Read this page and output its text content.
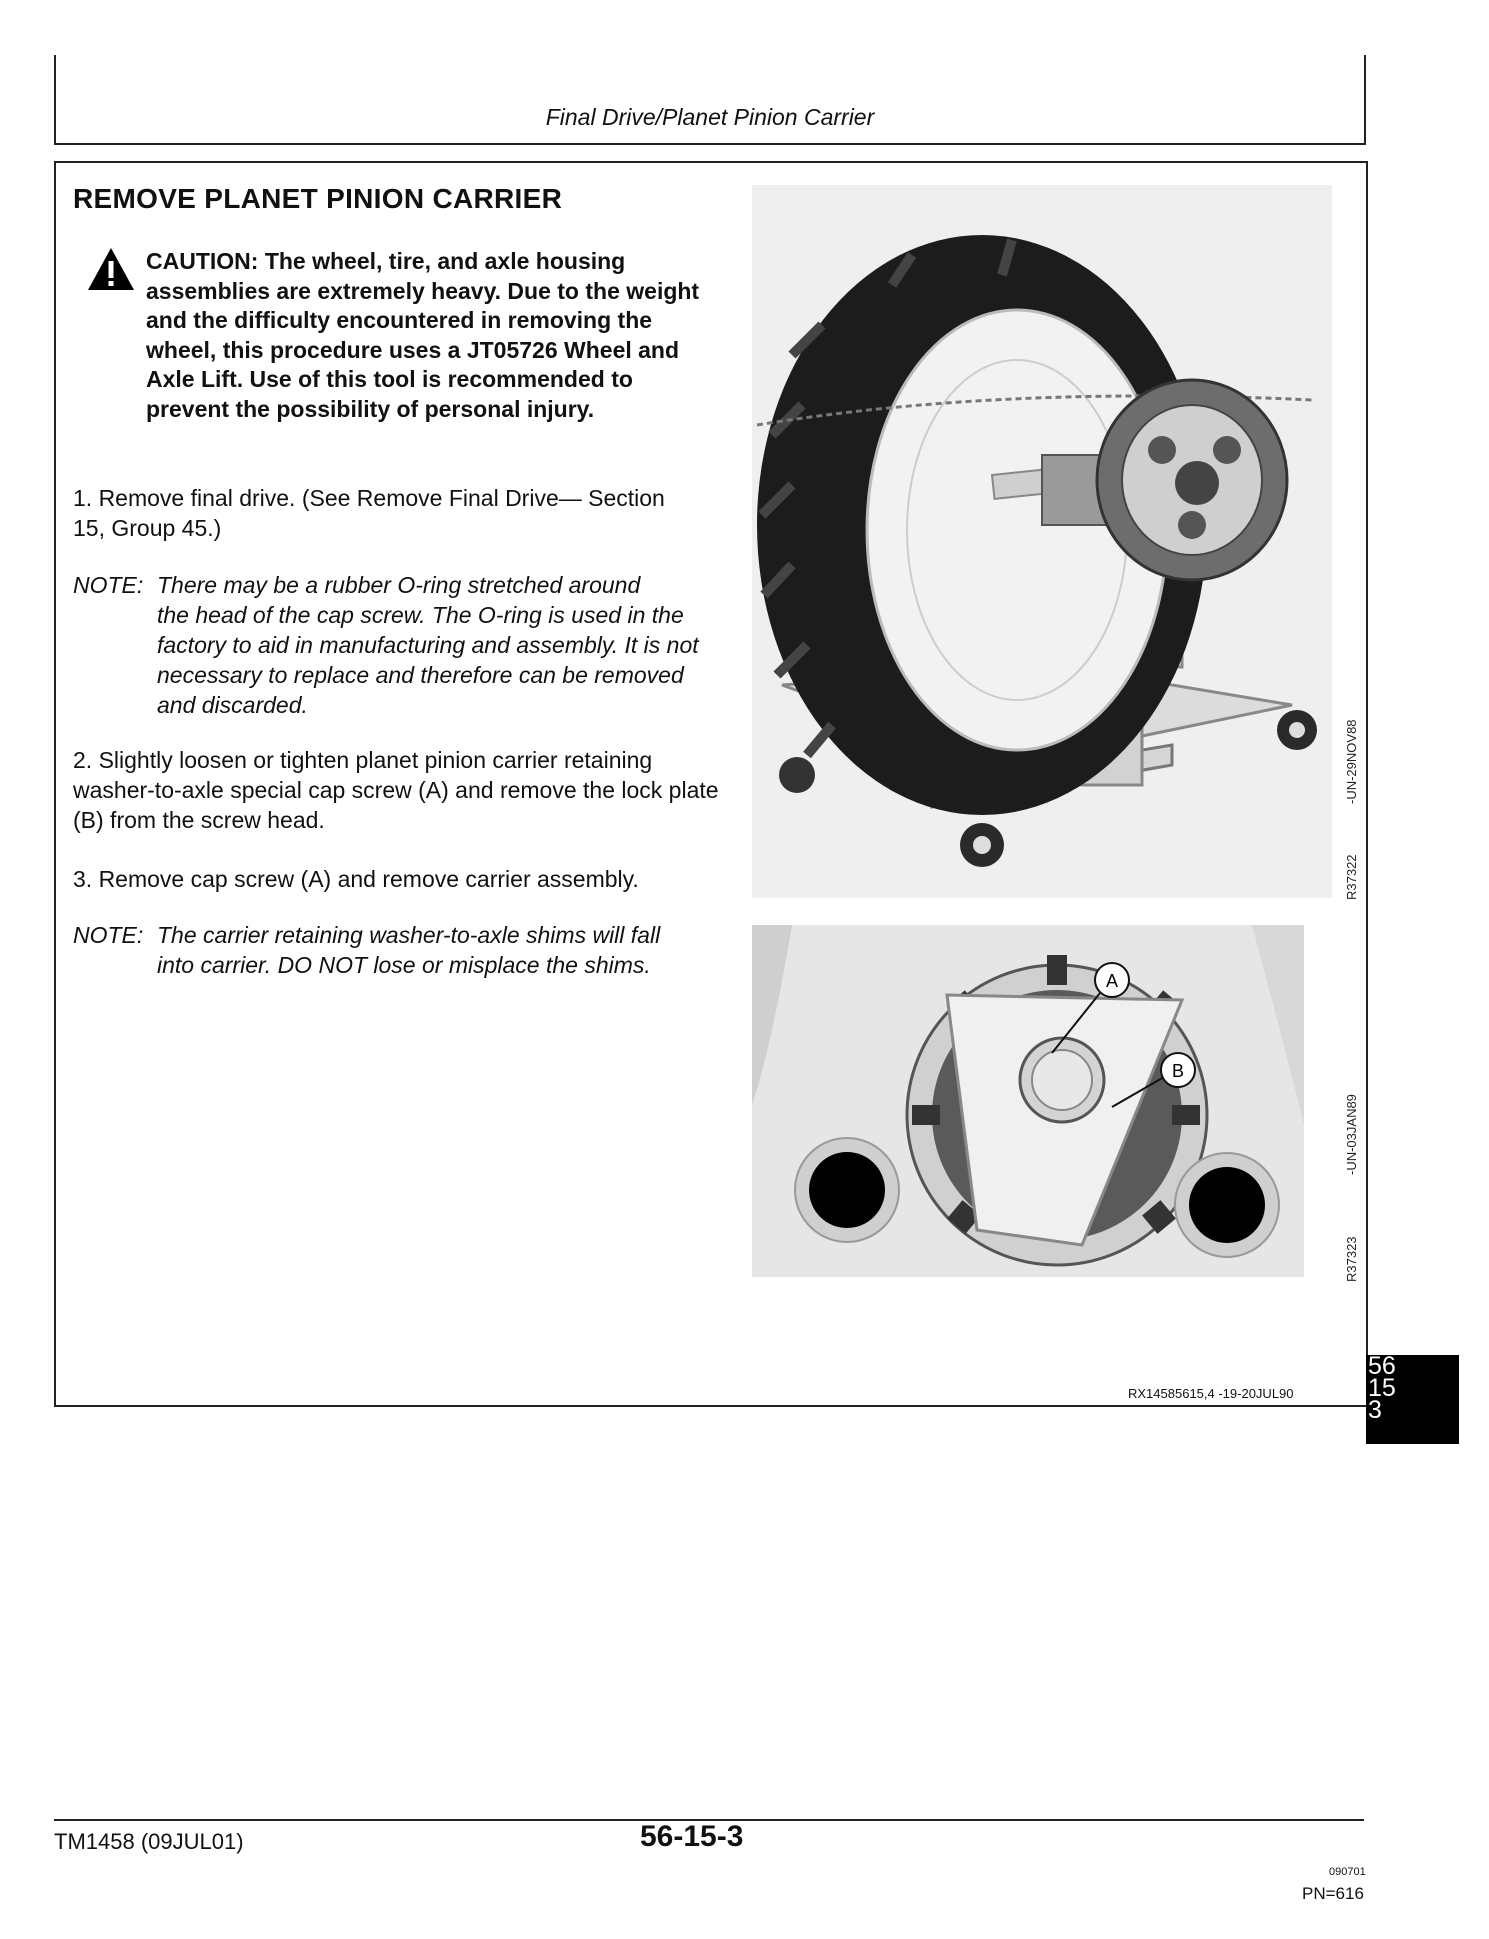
Final Drive/Planet Pinion Carrier
REMOVE PLANET PINION CARRIER
CAUTION: The wheel, tire, and axle housing assemblies are extremely heavy. Due to the weight and the difficulty encountered in removing the wheel, this procedure uses a JT05726 Wheel and Axle Lift. Use of this tool is recommended to prevent the possibility of personal injury.
1. Remove final drive. (See Remove Final Drive— Section 15, Group 45.)
NOTE: There may be a rubber O-ring stretched around
the head of the cap screw. The O-ring is used in the factory to aid in manufacturing and assembly. It is not necessary to replace and therefore can be removed and discarded.
2. Slightly loosen or tighten planet pinion carrier retaining washer-to-axle special cap screw (A) and remove the lock plate (B) from the screw head.
3. Remove cap screw (A) and remove carrier assembly.
NOTE: The carrier retaining washer-to-axle shims will fall
into carrier. DO NOT lose or misplace the shims.
R37322
-UN-29NOV88
A
B
R37323
-UN-03JAN89
RX14585615,4 -19-20JUL90
56
15
3
TM1458 (09JUL01)	56-15-3
090701
PN=616
